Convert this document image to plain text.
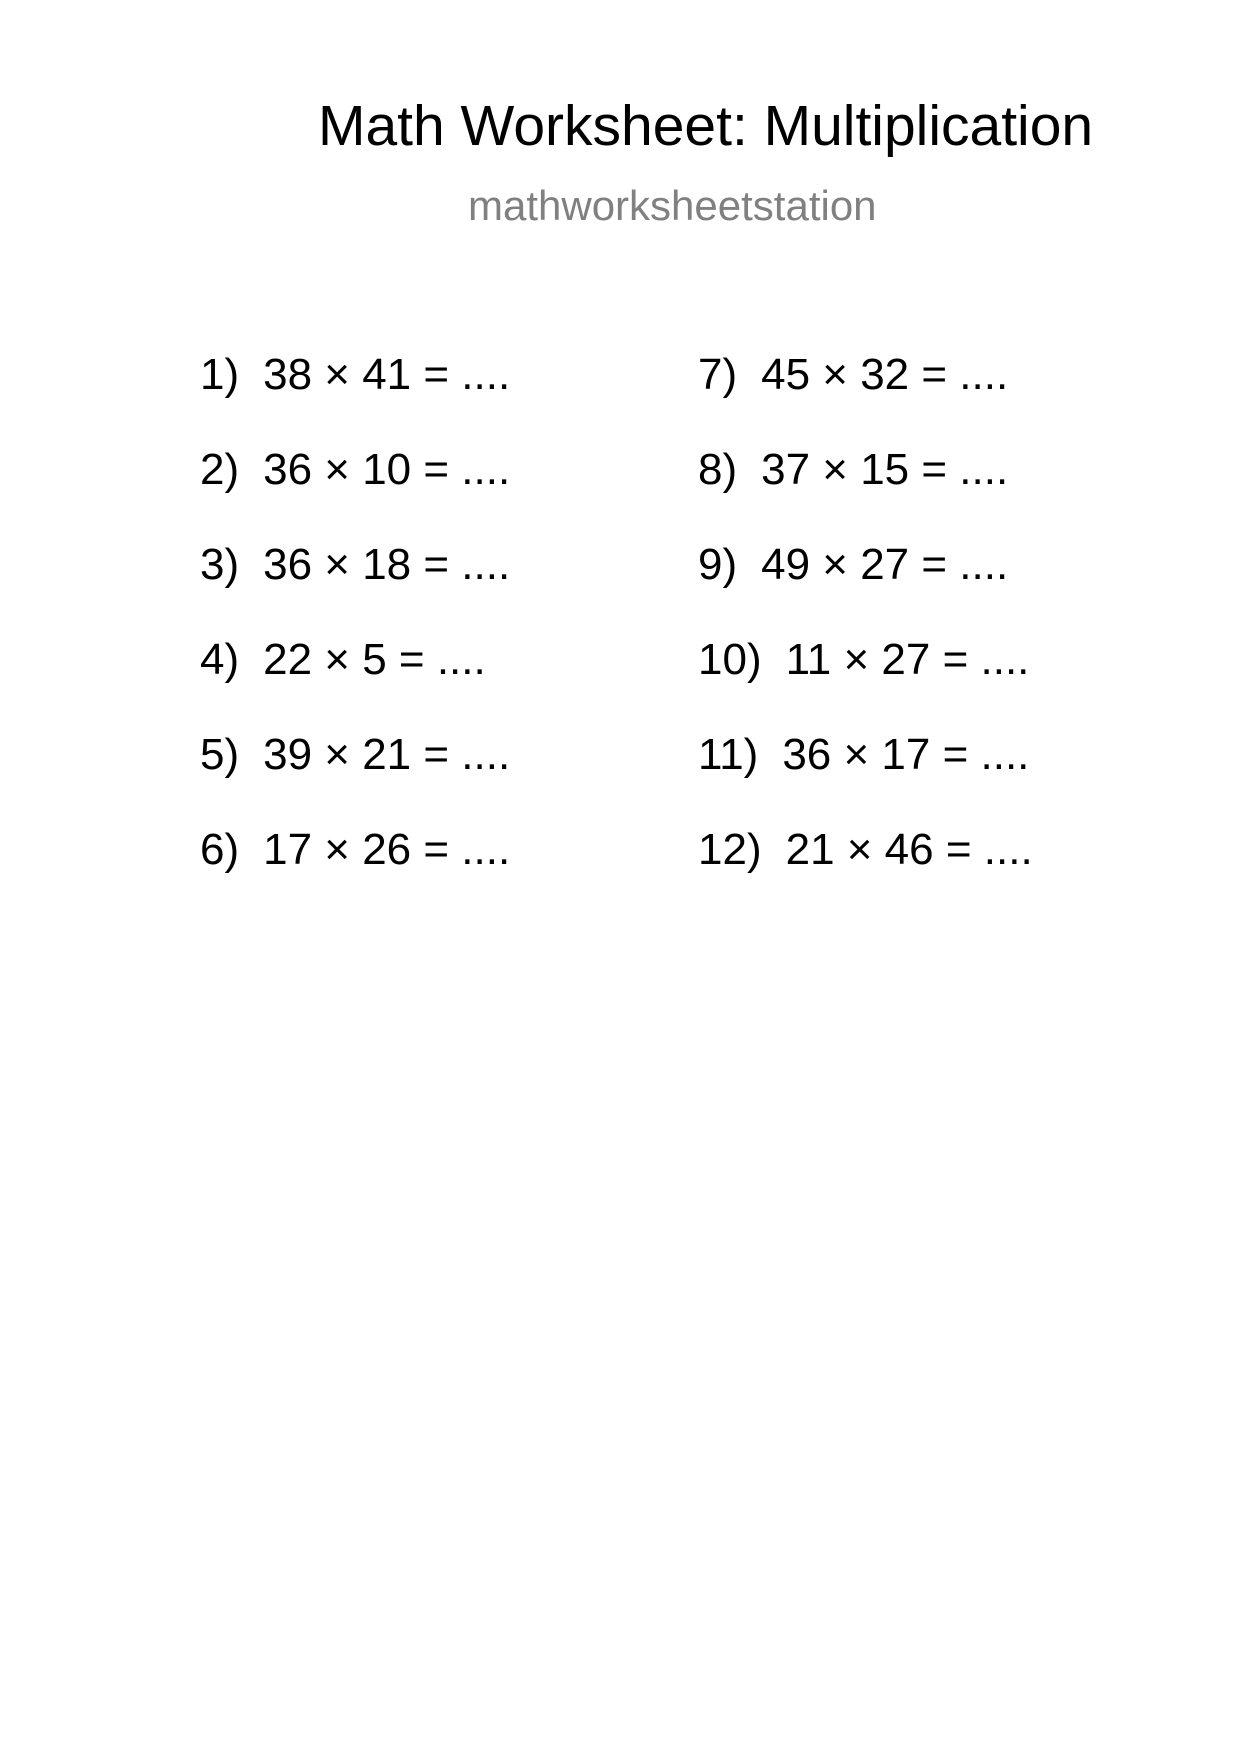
Math Worksheet: Multiplication
mathworksheetstation
1) 38 × 41 = ....
2) 36 × 10 = ....
3) 36 × 18 = ....
4) 22 × 5 = ....
5) 39 × 21 = ....
6) 17 × 26 = ....
7) 45 × 32 = ....
8) 37 × 15 = ....
9) 49 × 27 = ....
10) 11 × 27 = ....
11) 36 × 17 = ....
12) 21 × 46 = ....
